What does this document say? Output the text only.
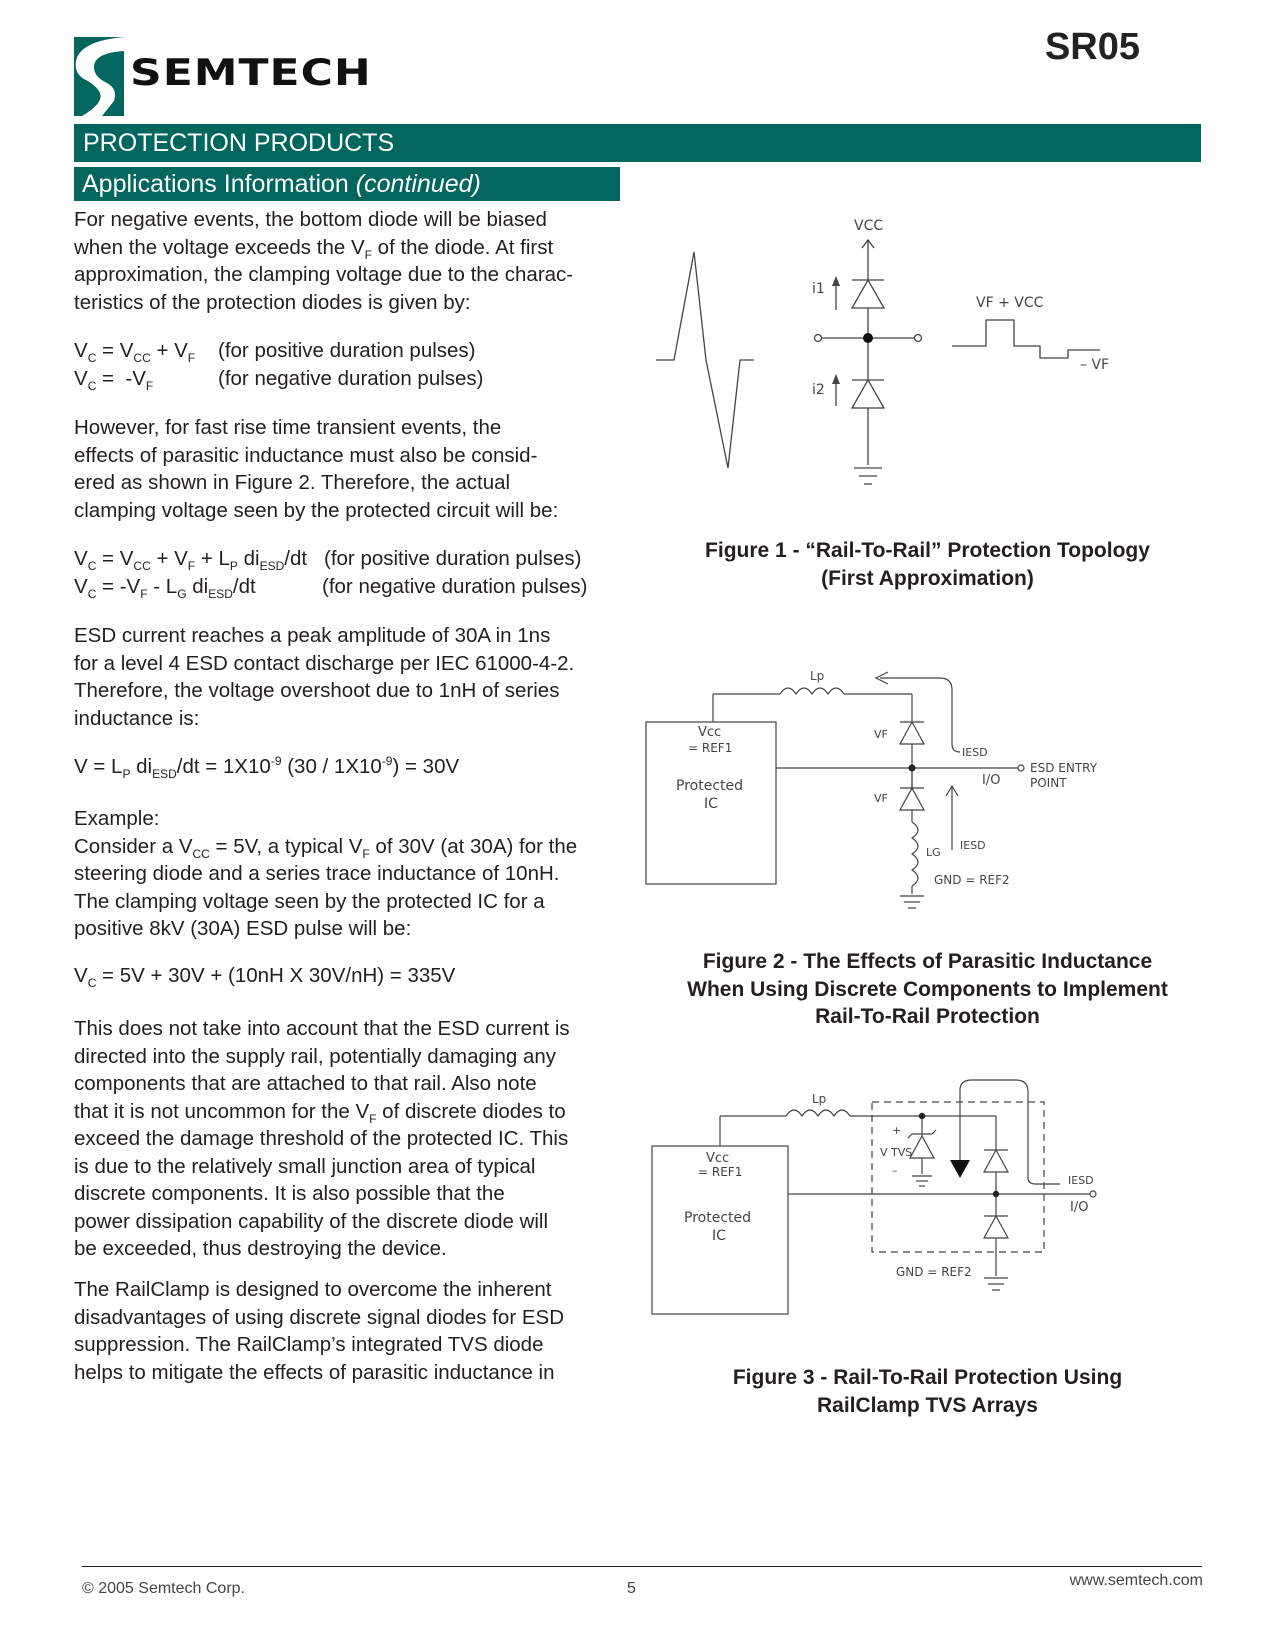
SEMTECH
SR05
PROTECTION PRODUCTS
Applications Information (continued)

For negative events, the bottom diode will be biased

when the voltage exceeds the $V_F$ of the diode. At first

approximation, the clamping voltage due to the charac-

teristics of the protection diodes is given by:

$V_C = V_{CC} + V_F$	(for positive duration pulses)

$V_C = -V_F$	(for negative duration pulses)

However, for fast rise time transient events, the

effects of parasitic inductance must also be consid-

ered as shown in Figure 2. Therefore, the actual

clamping voltage seen by the protected circuit will be:

$V_C = V_{CC} + V_F + L_P$ $di_{ESD}/dt$ (for positive duration pulses)

$V_C = -V_F - L_G$ $di_{ESD}/dt$	(for negative duration pulses)

ESD current reaches a peak amplitude of 30A in 1ns

for a level 4 ESD contact discharge per IEC 61000-4-2.

Therefore, the voltage overshoot due to 1nH of series

inductance is:

$V = L_P$ $di_{ESD}/dt = 1X10^{-9}$ $(30 / 1X10^{-9}) = 30V$

Example:

Consider a $V_{CC} = 5V$, a typical $V_F$ of 30V (at 30A) for the

steering diode and a series trace inductance of 10nH.

The clamping voltage seen by the protected IC for a

positive 8kV (30A) ESD pulse will be:

$V_C = 5V + 30V + (10nH$ X 30V/nH) = 335V

This does not take into account that the ESD current is

directed into the supply rail, potentially damaging any

components that are attached to that rail. Also note

that it is not uncommon for the $V_F$ of discrete diodes to

exceed the damage threshold of the protected IC. This

is due to the relatively small junction area of typical

discrete components. It is also possible that the

power dissipation capability of the discrete diode will

be exceeded, thus destroying the device.

The RailClamp is designed to overcome the inherent

disadvantages of using discrete signal diodes for ESD

suppression. The RailClamp’s integrated TVS diode

helps to mitigate the effects of parasitic inductance in

VCC
i1
i2
VF + VCC
– VF
Figure 1 - “Rail-To-Rail” Protection Topology
(First Approximation)
Lp
Vcc
= REF1
Protected
IC
VF
VF
IESD
I/O
ESD ENTRY
POINT
LG
IESD
GND = REF2
Figure 2 - The Effects of Parasitic Inductance
When Using Discrete Components to Implement
Rail-To-Rail Protection
Lp
Vcc
= REF1
Protected
IC
+
V TVS
–
IESD
I/O
GND = REF2
Figure 3 - Rail-To-Rail Protection Using
RailClamp TVS Arrays
© 2005 Semtech Corp.	5	www.semtech.com
